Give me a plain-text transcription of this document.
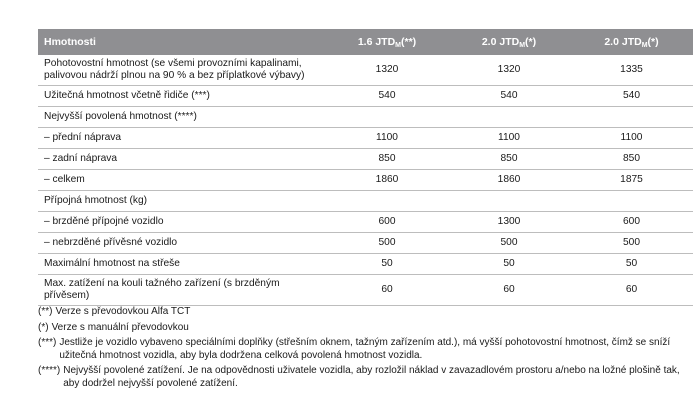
Hmotnosti	1.6 $JTD_M(**)$	2.0 $JTD_M(*)$	2.0 $JTD_M(*)$
Pohotovostní hmotnost (se všemi provozními kapalinami, palivovou nádrží plnou na 90 % a bez příplatkové výbavy)	1320	1320	1335
Užitečná hmotnost včetně řidiče (***)	540	540	540
Nejvyšší povolená hmotnost (****)			
– přední náprava	1100	1100	1100
– zadní náprava	850	850	850
– celkem	1860	1860	1875
Přípojná hmotnost (kg)			
– brzděné přípojné vozidlo	600	1300	600
– nebrzděné přívěsné vozidlo	500	500	500
Maximální hmotnost na střeše	50	50	50
Max. zatížení na kouli tažného zařízení (s brzděným přívěsem)	60	60	60
(**) Verze s převodovkou Alfa TCT
(*) Verze s manuální převodovkou
(***) Jestliže je vozidlo vybaveno speciálními doplňky (střešním oknem, tažným zařízením atd.), má vyšší pohotovostní hmotnost, čímž se sníží užitečná hmotnost vozidla, aby byla dodržena celková povolená hmotnost vozidla.
(****) Nejvyšší povolené zatížení. Je na odpovědnosti uživatele vozidla, aby rozložil náklad v zavazadlovém prostoru a/nebo na ložné plošině tak, aby dodržel nejvyšší povolené zatížení.
